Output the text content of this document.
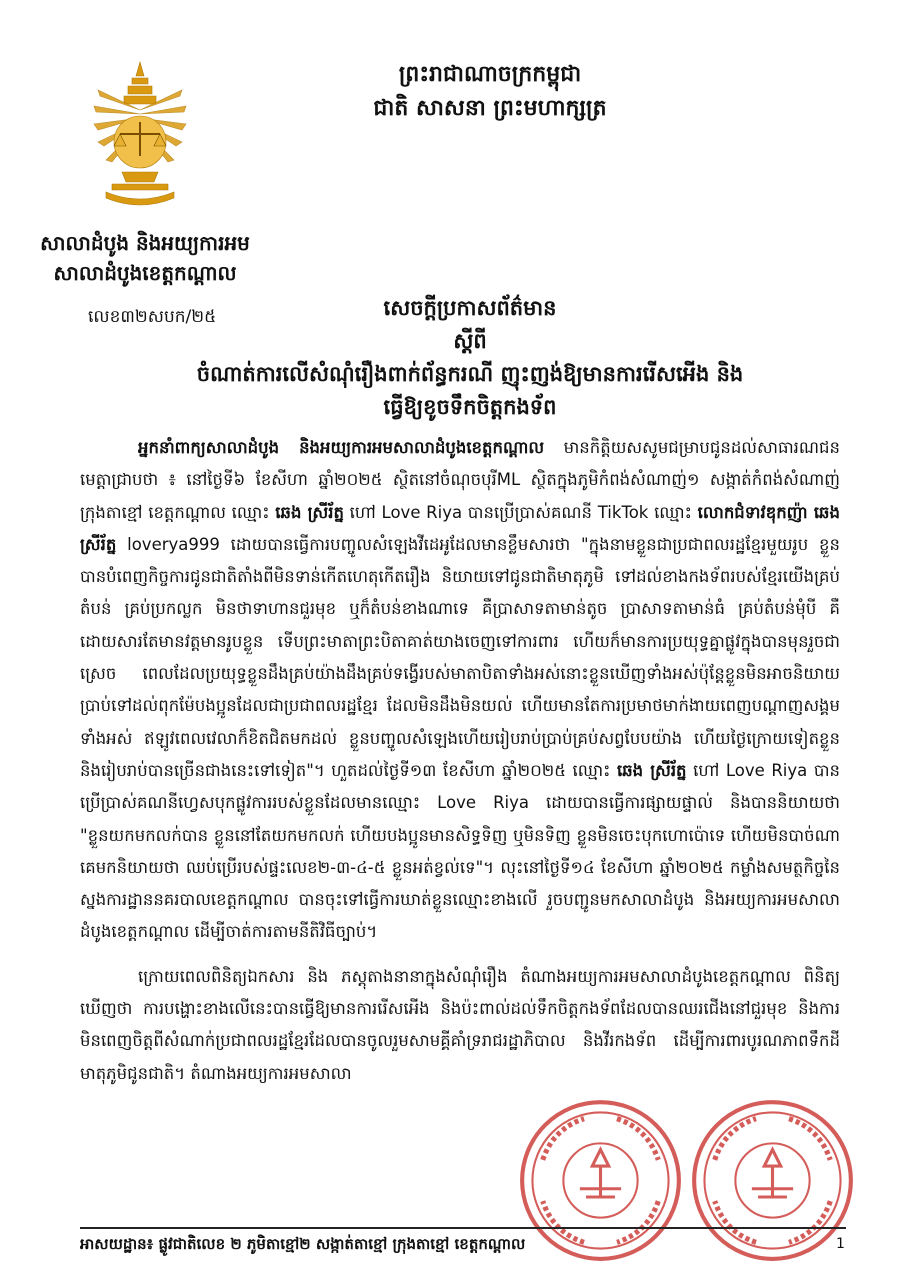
សាលាដំបូង និងអយ្យការអម
សាលាដំបូងខេត្តកណ្ដាល
លេខ៣២សបក/២៥
ព្រះរាជាណាចក្រកម្ពុជា
ជាតិ សាសនា ព្រះមហាក្សត្រ
សេចក្ដីប្រកាសព័ត៌មាន
ស្ដីពី
ចំណាត់ការលើសំណុំរឿងពាក់ព័ន្ធករណី ញុះញង់ឱ្យមានការរើសអើង និង
ធ្វើឱ្យខូចទឹកចិត្តកងទ័ព

អ្នកនាំពាក្យសាលាដំបូង និងអយ្យការអមសាលាដំបូងខេត្តកណ្ដាល មានកិត្តិយសសូមជម្រាបជូនដល់សាធារណជនមេត្តាជ្រាបថា ៖ នៅថ្ងៃទី៦ ខែសីហា ឆ្នាំ២០២៥ ស្ថិតនៅចំណុចបុរីML ស្ថិតក្នុងភូមិកំពង់សំណាញ់១ សង្កាត់កំពង់សំណាញ់ ក្រុងតាខ្មៅ ខេត្តកណ្ដាល ឈ្មោះ ឆេង ស្រីរ័ត្ន ហៅ Love Riya បានប្រើប្រាស់គណនី TikTok ឈ្មោះ លោកជំទាវឌុកញ៉ា ឆេង ស្រីរ័ត្ន loverya999 ដោយបានធ្វើការបញ្ចូលសំឡេងវីដេអូដែលមានខ្លឹមសារថា "ក្នុងនាមខ្លួនជាប្រជាពលរដ្ឋខ្មែរមួយរូប ខ្លួនបានបំពេញកិច្ចការជូនជាតិតាំងពីមិនទាន់កើតហេតុកើតរឿង និយាយទៅជូនជាតិមាតុភូមិ ទៅដល់ខាងកងទ័ពរបស់ខ្មែរយើងគ្រប់តំបន់ គ្រប់ប្រកល្លក មិនថាទាហានជួរមុខ ឬក៏តំបន់ខាងណាទេ គឺប្រាសាទតាមាន់តូច ប្រាសាទតាមាន់ធំ គ្រប់តំបន់មុំបី គឺដោយសារតែមានវត្តមានរូបខ្លួន ទើបព្រះមាតាព្រះបិតាគាត់យាងចេញទៅការពារ ហើយក៏មានការប្រយុទ្ធគ្នាផ្លូវក្នុងបានមុនរួចជាស្រេច ពេលដែលប្រយុទ្ធខ្លួនដឹងគ្រប់យ៉ាងដឹងគ្រប់ទង្វើរបស់មាតាបិតាទាំងអស់នោះខ្លួនឃើញទាំងអស់ប៉ុន្តែខ្លួនមិនអាចនិយាយប្រាប់ទៅដល់ពុកម៉ែបងប្អូនដែលជាប្រជាពលរដ្ឋខ្មែរ ដែលមិនដឹងមិនយល់ ហើយមានតែការប្រមាថមាក់ងាយពេញបណ្ដាញសង្គមទាំងអស់ ឥឡូវពេលវេលាក៏ខិតជិតមកដល់ ខ្លួនបញ្ចូលសំឡេងហើយរៀបរាប់ប្រាប់គ្រប់សព្វបែបយ៉ាង ហើយថ្ងៃក្រោយទៀតខ្លួន និងរៀបរាប់បានច្រើនជាងនេះទៅទៀត"។ ហួតដល់ថ្ងៃទី១៣ ខែសីហា ឆ្នាំ២០២៥ ឈ្មោះ ឆេង ស្រីរ័ត្ន ហៅ Love Riya បានប្រើប្រាស់គណនីហ្វេសបុកផ្លូវការរបស់ខ្លួនដែលមានឈ្មោះ Love Riya ដោយបានធ្វើការផ្សាយផ្ទាល់ និងបាននិយាយថា "ខ្លួនយកមកលក់បាន ខ្លួននៅតែយកមកលក់ ហើយបងប្អូនមានសិទ្ធទិញ ឬមិនទិញ ខ្លួនមិនចេះបុកហោប៉ោទេ ហើយមិនបាច់ណាគេមកនិយាយថា ឈប់ប្រើរបស់ផ្ទះលេខ២-៣-៤-៥ ខ្លួនអត់ខ្វល់ទេ"។ លុះនៅថ្ងៃទី១៤ ខែសីហា ឆ្នាំ២០២៥ កម្លាំងសមត្ថកិច្ចនៃស្នងការដ្ឋាននគរបាលខេត្តកណ្ដាល បានចុះទៅធ្វើការឃាត់ខ្លួនឈ្មោះខាងលើ រួចបញ្ជូនមកសាលាដំបូង និងអយ្យការអមសាលាដំបូងខេត្តកណ្ដាល ដើម្បីចាត់ការតាមនីតិវិធីច្បាប់។

ក្រោយពេលពិនិត្យឯកសារ និង ភស្តុតាងនានាក្នុងសំណុំរឿង តំណាងអយ្យការអមសាលាដំបូងខេត្តកណ្ដាល ពិនិត្យឃើញថា ការបង្ហោះខាងលើនេះបានធ្វើឱ្យមានការរើសអើង និងប៉ះពាល់ដល់ទឹកចិត្តកងទ័ពដែលបានឈរជើងនៅជួរមុខ និងការមិនពេញចិត្តពីសំណាក់ប្រជាពលរដ្ឋខ្មែរដែលបានចូលរួមសាមគ្គីគាំទ្ររាជរដ្ឋាភិបាល និងវីរកងទ័ព ដើម្បីការពារបូរណភាពទឹកដីមាតុភូមិជូនជាតិ។ តំណាងអយ្យការអមសាលា

អាសយដ្ឋាន៖ ផ្លូវជាតិលេខ ២ ភូមិតាខ្មៅ២ សង្កាត់តាខ្មៅ ក្រុងតាខ្មៅ ខេត្តកណ្ដាល	1
